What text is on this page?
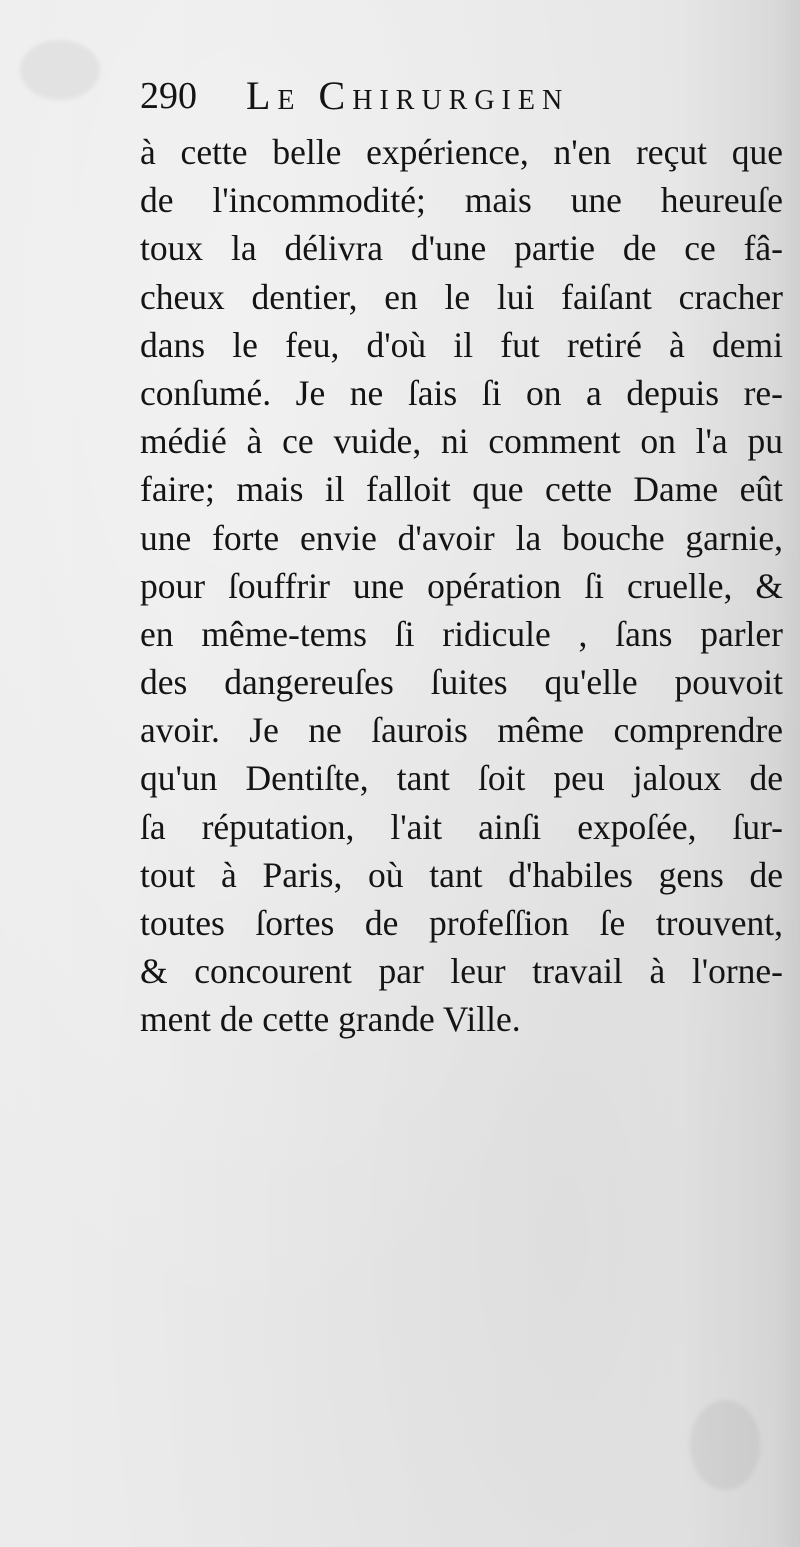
290 Le Chirurgien
à cette belle expérience, n'en reçut que
de l'incommodité; mais une heureuſe
toux la délivra d'une partie de ce fâ-
cheux dentier, en le lui faiſant cracher
dans le feu, d'où il fut retiré à demi
conſumé. Je ne ſais ſi on a depuis re-
médié à ce vuide, ni comment on l'a pu
faire; mais il falloit que cette Dame eût
une forte envie d'avoir la bouche garnie,
pour ſouffrir une opération ſi cruelle, &
en même-tems ſi ridicule , ſans parler
des dangereuſes ſuites qu'elle pouvoit
avoir. Je ne ſaurois même comprendre
qu'un Dentiſte, tant ſoit peu jaloux de
ſa réputation, l'ait ainſi expoſée, ſur-
tout à Paris, où tant d'habiles gens de
toutes ſortes de profeſſion ſe trouvent,
& concourent par leur travail à l'orne-
ment de cette grande Ville.
